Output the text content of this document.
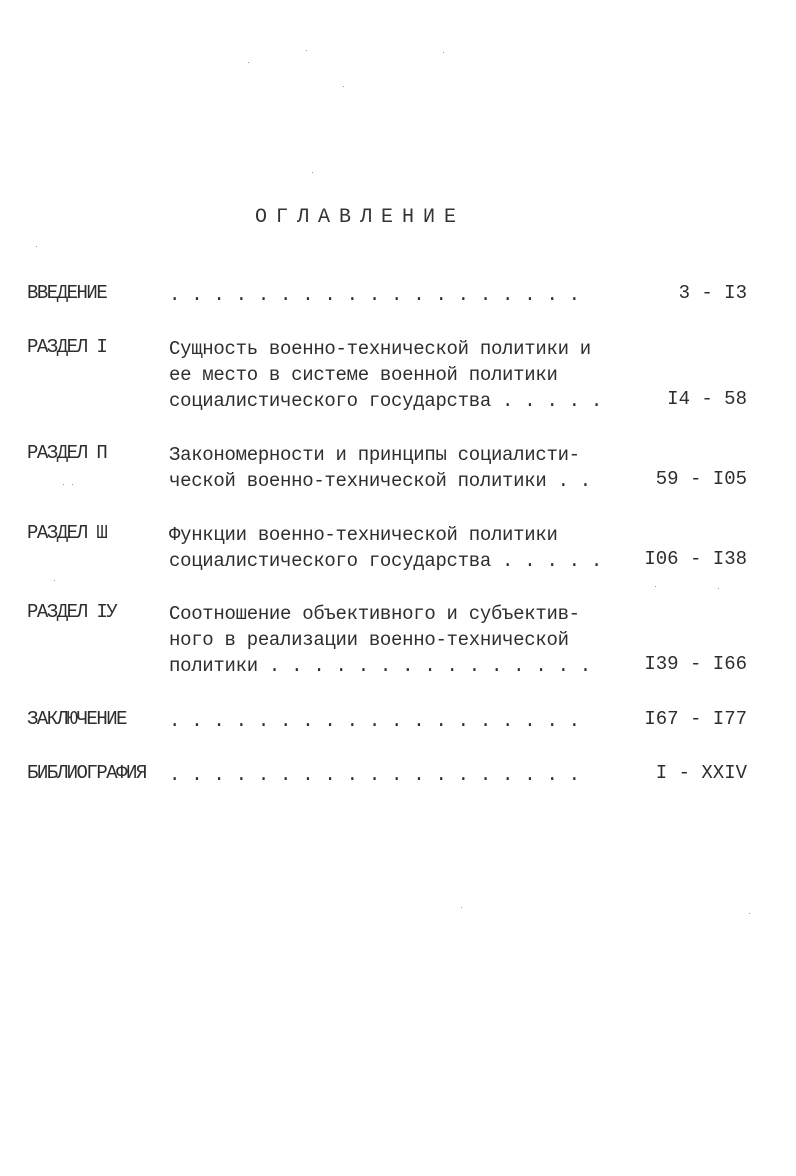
ОГЛАВЛЕНИЕ
ВВЕДЕНИЕ	. . . . . . . . . . . . . . . . . . .	3 - I3
РАЗДЕЛ I	Сущность военно-технической политики и
ее место в системе военной политики
социалистического государства . . . . .	I4 - 58
РАЗДЕЛ П	Закономерности и принципы социалисти-
ческой военно-технической политики . .	59 - I05
РАЗДЕЛ Ш	Функции военно-технической политики
социалистического государства . . . . .	I06 - I38
РАЗДЕЛ IУ	Соотношение объективного и субъектив-
ного в реализации военно-технической
политики . . . . . . . . . . . . . . .	I39 - I66
ЗАКЛЮЧЕНИЕ . . . . . . . . . . . . . . . . . . .	I67 - I77
БИБЛИОГРАФИЯ . . . . . . . . . . . . . . . . . . .	I - XXIV
